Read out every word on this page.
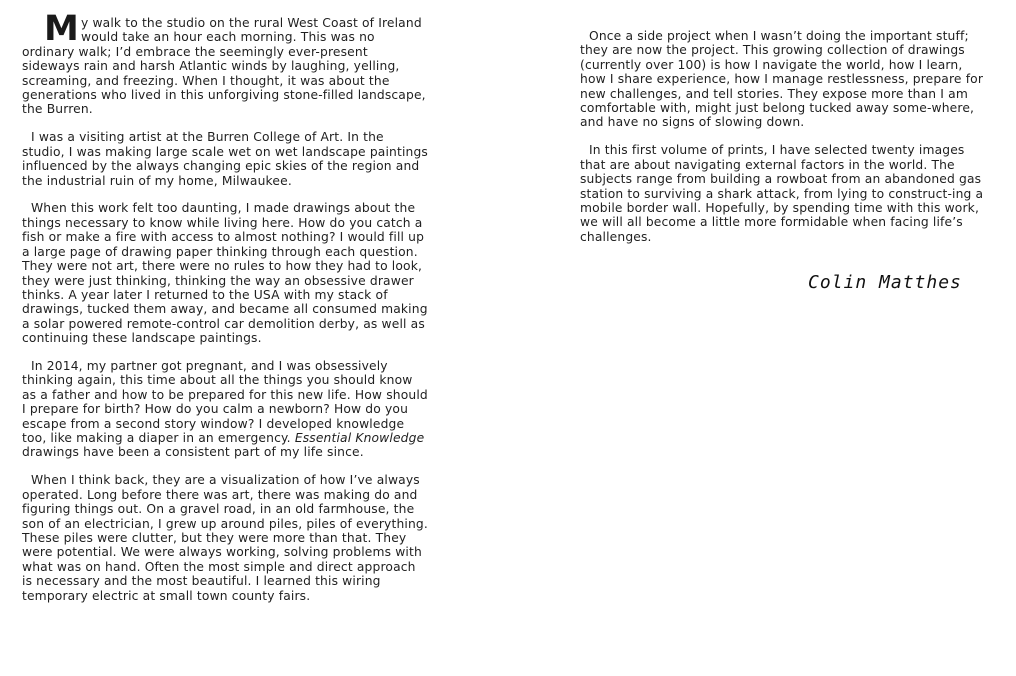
My walk to the studio on the rural West Coast of Ireland would take an hour each morning. This was no ordinary walk; I’d embrace the seemingly ever-present sideways rain and harsh Atlantic winds by laughing, yelling, screaming, and freezing. When I thought, it was about the generations who lived in this unforgiving stone-filled landscape, the Burren.

I was a visiting artist at the Burren College of Art. In the studio, I was making large scale wet on wet landscape paintings influenced by the always changing epic skies of the region and the industrial ruin of my home, Milwaukee.

When this work felt too daunting, I made drawings about the things necessary to know while living here. How do you catch a fish or make a fire with access to almost nothing? I would fill up a large page of drawing paper thinking through each question. They were not art, there were no rules to how they had to look, they were just thinking, thinking the way an obsessive drawer thinks. A year later I returned to the USA with my stack of drawings, tucked them away, and became all consumed making a solar powered remote-control car demolition derby, as well as continuing these landscape paintings.

In 2014, my partner got pregnant, and I was obsessively thinking again, this time about all the things you should know as a father and how to be prepared for this new life. How should I prepare for birth? How do you calm a newborn? How do you escape from a second story window? I developed knowledge too, like making a diaper in an emergency. Essential Knowledge drawings have been a consistent part of my life since.

When I think back, they are a visualization of how I’ve always operated. Long before there was art, there was making do and figuring things out. On a gravel road, in an old farmhouse, the son of an electrician, I grew up around piles, piles of everything. These piles were clutter, but they were more than that. They were potential. We were always working, solving problems with what was on hand. Often the most simple and direct approach is necessary and the most beautiful. I learned this wiring temporary electric at small town county fairs.

Once a side project when I wasn’t doing the important stuff; they are now the project. This growing collection of drawings (currently over 100) is how I navigate the world, how I learn, how I share experience, how I manage restlessness, prepare for new challenges, and tell stories. They expose more than I am comfortable with, might just belong tucked away some-where, and have no signs of slowing down.

In this first volume of prints, I have selected twenty images that are about navigating external factors in the world. The subjects range from building a rowboat from an abandoned gas station to surviving a shark attack, from lying to construct-ing a mobile border wall. Hopefully, by spending time with this work, we will all become a little more formidable when facing life’s challenges.

Colin Matthes
